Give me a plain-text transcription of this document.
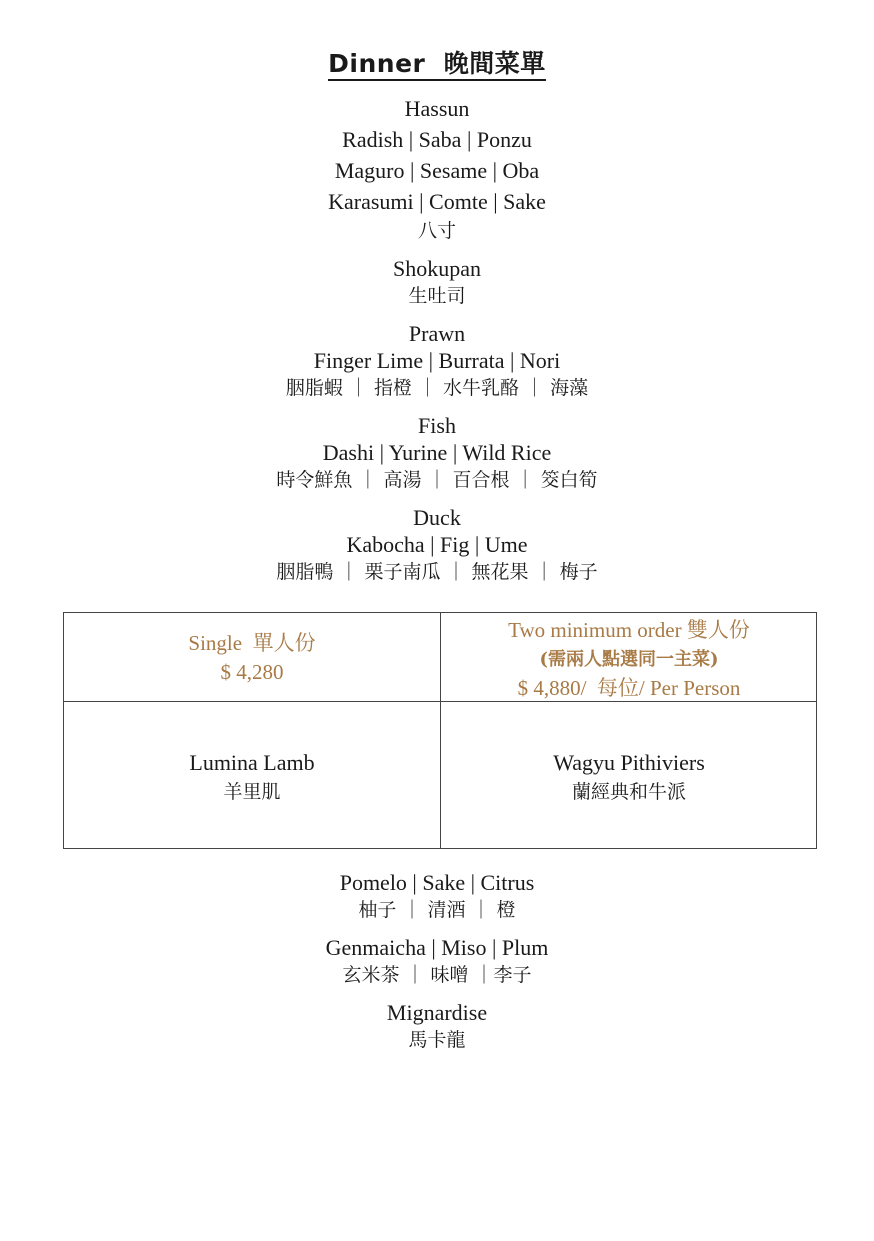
Dinner 晚間菜單
Hassun
Radish | Saba | Ponzu
Maguro | Sesame | Oba
Karasumi | Comte | Sake
八寸
Shokupan
生吐司
Prawn
Finger Lime | Burrata | Nori
胭脂蝦 ｜ 指橙 ｜ 水牛乳酪 ｜ 海藻
Fish
Dashi | Yurine | Wild Rice
時令鮮魚 ｜ 高湯 ｜ 百合根 ｜ 筊白筍
Duck
Kabocha | Fig | Ume
胭脂鴨 ｜ 栗子南瓜 ｜ 無花果 ｜ 梅子
Single  單人份
$ 4,280
Two minimum order 雙人份
(需兩人點選同一主菜)
$ 4,880/  每位/ Per Person
Lumina Lamb
羊里肌
Wagyu Pithiviers
蘭經典和牛派
Pomelo | Sake | Citrus
柚子 ｜ 清酒 ｜ 橙
Genmaicha | Miso | Plum
玄米茶 ｜ 味噌 ｜李子
Mignardise
馬卡龍
